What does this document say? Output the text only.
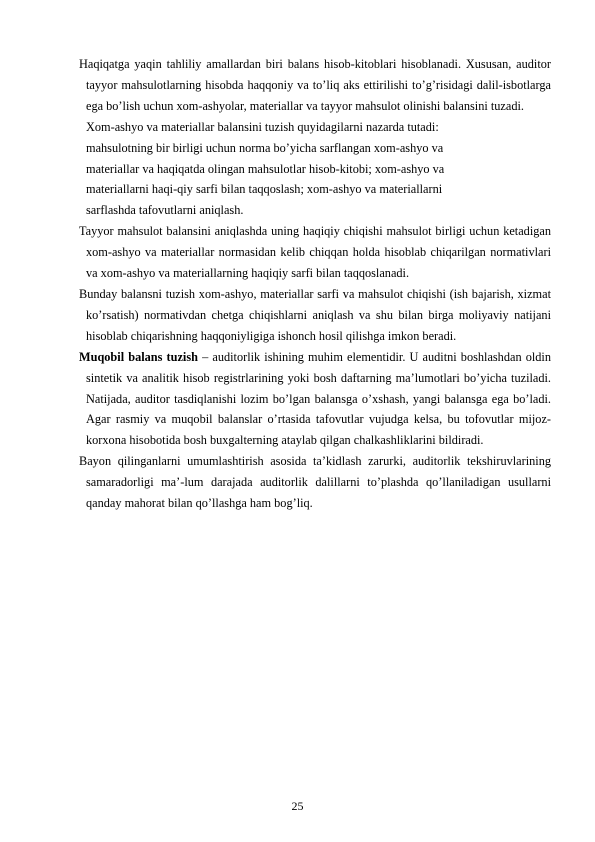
Haqiqatga yaqin tahliliy amallardan biri balans hisob-kitoblari hisoblanadi. Xususan, auditor tayyor mahsulotlarning hisobda haqqoniy va to’liq aks ettirilishi to’g’risidagi dalil-isbotlarga ega bo’lish uchun xom-ashyolar, materiallar va tayyor mahsulot olinishi balansini tuzadi.

Xom-ashyo va materiallar balansini tuzish quyidagilarni nazarda tutadi:

mahsulotning bir birligi uchun norma bo’yicha sarflangan xom-ashyo va

materiallar va haqiqatda olingan mahsulotlar hisob-kitobi; xom-ashyo va

materiallarni haqi-qiy sarfi bilan taqqoslash; xom-ashyo va materiallarni

sarflashda tafovutlarni aniqlash.

Tayyor mahsulot balansini aniqlashda uning haqiqiy chiqishi mahsulot birligi uchun ketadigan xom-ashyo va materiallar normasidan kelib chiqqan holda hisoblab chiqarilgan normativlari va xom-ashyo va materiallarning haqiqiy sarfi bilan taqqoslanadi.

Bunday balansni tuzish xom-ashyo, materiallar sarfi va mahsulot chiqishi (ish bajarish, xizmat ko’rsatish) normativdan chetga chiqishlarni aniqlash va shu bilan birga moliyaviy natijani hisoblab chiqarishning haqqoniyligiga ishonch hosil qilishga imkon beradi.

Muqobil balans tuzish – auditorlik ishining muhim elementidir. U auditni boshlashdan oldin sintetik va analitik hisob registrlarining yoki bosh daftarning ma’lumotlari bo’yicha tuziladi. Natijada, auditor tasdiqlanishi lozim bo’lgan balansga o’xshash, yangi balansga ega bo’ladi. Agar rasmiy va muqobil balanslar o’rtasida tafovutlar vujudga kelsa, bu tofovutlar mijoz-korxona hisobotida bosh buxgalterning ataylab qilgan chalkashliklarini bildiradi.

Bayon qilinganlarni umumlashtirish asosida ta’kidlash zarurki, auditorlik tekshiruvlarining samaradorligi ma’-lum darajada auditorlik dalillarni to’plashda qo’llaniladigan usullarni qanday mahorat bilan qo’llashga ham bog’liq.

25
